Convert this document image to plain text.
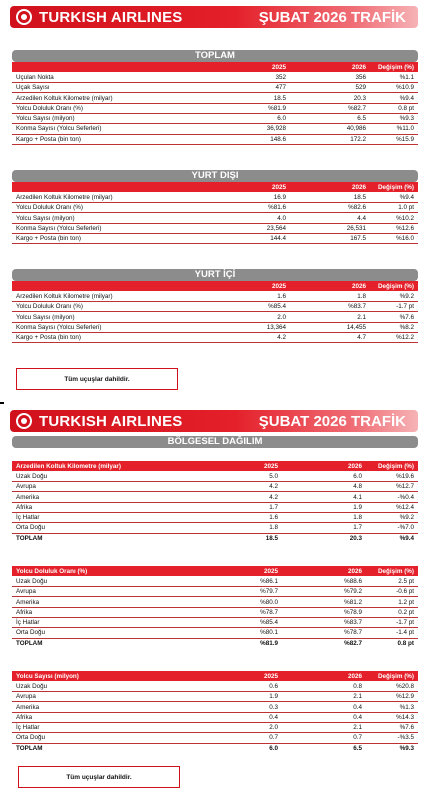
TURKISH AIRLINES	ŞUBAT 2026 TRAFİK
TOPLAM
	2025	2026	Değişim (%)
Uçulan Nokta	352	356	%1.1
Uçak Sayısı	477	529	%10.9
Arzedilen Koltuk Kilometre (milyar)	18.5	20.3	%9.4
Yolcu Doluluk Oranı (%)	%81.9	%82.7	0.8 pt
Yolcu Sayısı (milyon)	6.0	6.5	%9.3
Konma Sayısı (Yolcu Seferleri)	36,928	40,986	%11.0
Kargo + Posta (bin ton)	148.6	172.2	%15.9
YURT DIŞI
	2025	2026	Değişim (%)
Arzedilen Koltuk Kilometre (milyar)	16.9	18.5	%9.4
Yolcu Doluluk Oranı (%)	%81.6	%82.6	1.0 pt
Yolcu Sayısı (milyon)	4.0	4.4	%10.2
Konma Sayısı (Yolcu Seferleri)	23,564	26,531	%12.6
Kargo + Posta (bin ton)	144.4	167.5	%16.0
YURT İÇİ
	2025	2026	Değişim (%)
Arzedilen Koltuk Kilometre (milyar)	1.6	1.8	%9.2
Yolcu Doluluk Oranı (%)	%85.4	%83.7	-1.7 pt
Yolcu Sayısı (milyon)	2.0	2.1	%7.6
Konma Sayısı (Yolcu Seferleri)	13,364	14,455	%8.2
Kargo + Posta (bin ton)	4.2	4.7	%12.2
Tüm uçuşlar dahildir.
TURKISH AIRLINES	ŞUBAT 2026 TRAFİK
BÖLGESEL DAĞILIM
Arzedilen Koltuk Kilometre (milyar)	2025	2026	Değişim (%)
Uzak Doğu	5.0	6.0	%19.6
Avrupa	4.2	4.8	%12.7
Amerika	4.2	4.1	-%0.4
Afrika	1.7	1.9	%12.4
İç Hatlar	1.6	1.8	%9.2
Orta Doğu	1.8	1.7	-%7.0
TOPLAM	18.5	20.3	%9.4
Yolcu Doluluk Oranı (%)	2025	2026	Değişim (%)
Uzak Doğu	%86.1	%88.6	2.5 pt
Avrupa	%79.7	%79.2	-0.6 pt
Amerika	%80.0	%81.2	1.2 pt
Afrika	%78.7	%78.9	0.2 pt
İç Hatlar	%85.4	%83.7	-1.7 pt
Orta Doğu	%80.1	%78.7	-1.4 pt
TOPLAM	%81.9	%82.7	0.8 pt
Yolcu Sayısı (milyon)	2025	2026	Değişim (%)
Uzak Doğu	0.6	0.8	%20.8
Avrupa	1.9	2.1	%12.9
Amerika	0.3	0.4	%1.3
Afrika	0.4	0.4	%14.3
İç Hatlar	2.0	2.1	%7.6
Orta Doğu	0.7	0.7	-%3.5
TOPLAM	6.0	6.5	%9.3
Tüm uçuşlar dahildir.
